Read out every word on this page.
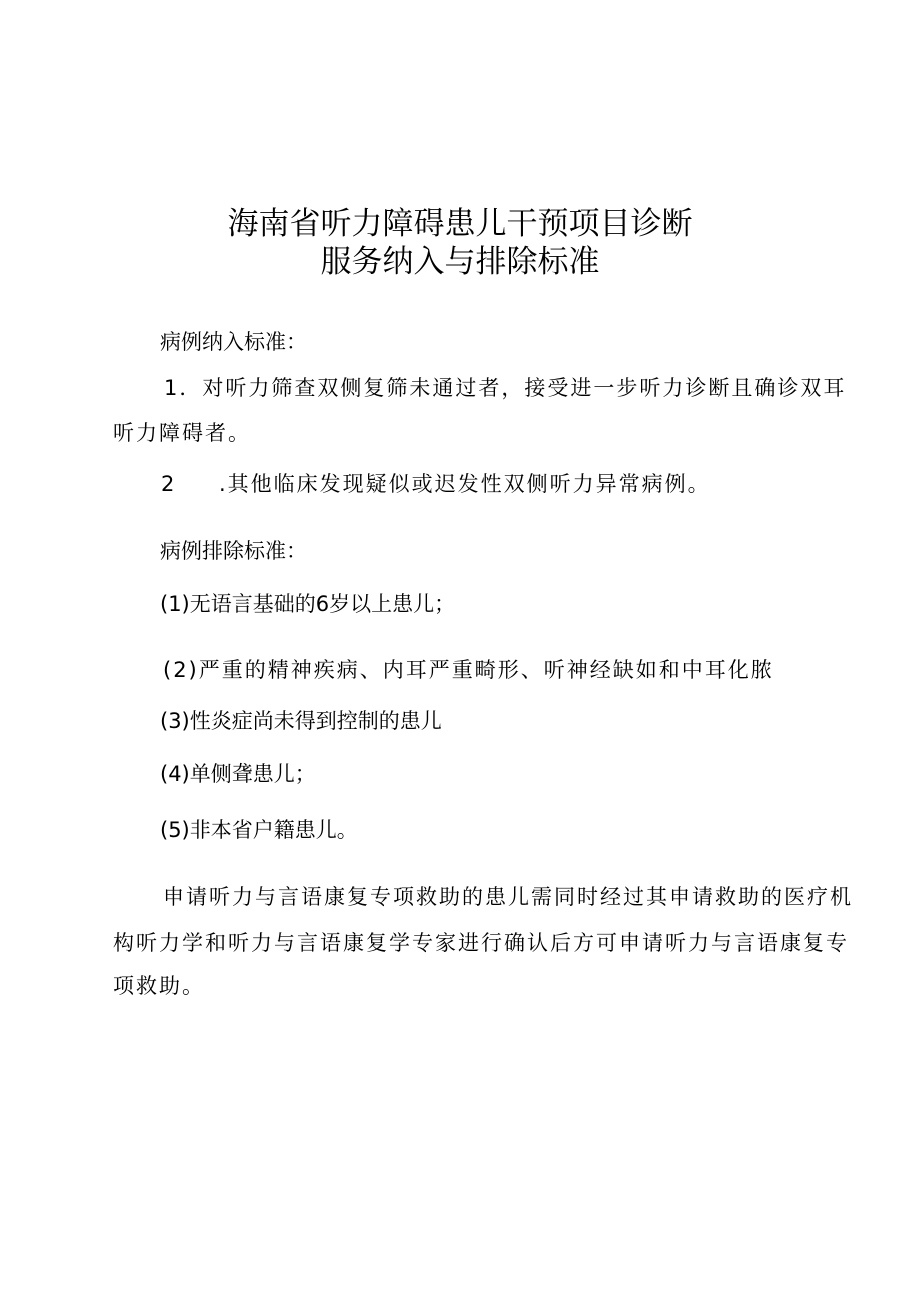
海南省听力障碍患儿干预项目诊断
服务纳入与排除标准
病例纳入标准：
1．对听力筛查双侧复筛未通过者，接受进一步听力诊断且确诊双耳
听力障碍者。
2 .其他临床发现疑似或迟发性双侧听力异常病例。
病例排除标准：
(1)无语言基础的6岁以上患儿；
(2)严重的精神疾病、内耳严重畸形、听神经缺如和中耳化脓
(3)性炎症尚未得到控制的患儿
(4)单侧聋患儿；
(5)非本省户籍患儿。
申请听力与言语康复专项救助的患儿需同时经过其申请救助的医疗机
构听力学和听力与言语康复学专家进行确认后方可申请听力与言语康复专
项救助。
